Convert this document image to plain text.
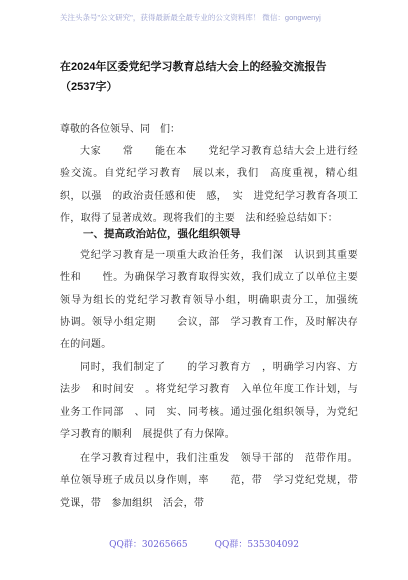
关注头条号"公文研究"，获得最新最全最专业的公文资料库！ 微信：gongwenyj
在2024年区委党纪学习教育总结大会上的经验交流报告（2537字）
尊敬的各位领导、同　们：
大家　　常　　能在本　　党纪学习教育总结大会上进行经验交流。自党纪学习教育　展以来，我们　高度重视，精心组织，以强　的政治责任感和使　感，　实　进党纪学习教育各项工作，取得了显著成效。现将我们的主要　法和经验总结如下：
一、提高政治站位，强化组织领导
党纪学习教育是一项重大政治任务，我们深　认识到其重要性和　　性。为确保学习教育取得实效，我们成立了以单位主要领导为组长的党纪学习教育领导小组，明确职责分工，加强统　协调。领导小组定期　　会议，部　学习教育工作，及时解决存在的问题。
同时，我们制定了　　的学习教育方　，明确学习内容、方法步　和时间安　。将党纪学习教育　入单位年度工作计划，与业务工作同部　、同　实、同考核。通过强化组织领导，为党纪学习教育的顺利　展提供了有力保障。
在学习教育过程中，我们注重发　领导干部的　范带作用。单位领导班子成员以身作则，率　　范，带　学习党纪党规，带　　党课，带　参加组织　活会，带
QQ群：30265665　　　QQ群：535304092
